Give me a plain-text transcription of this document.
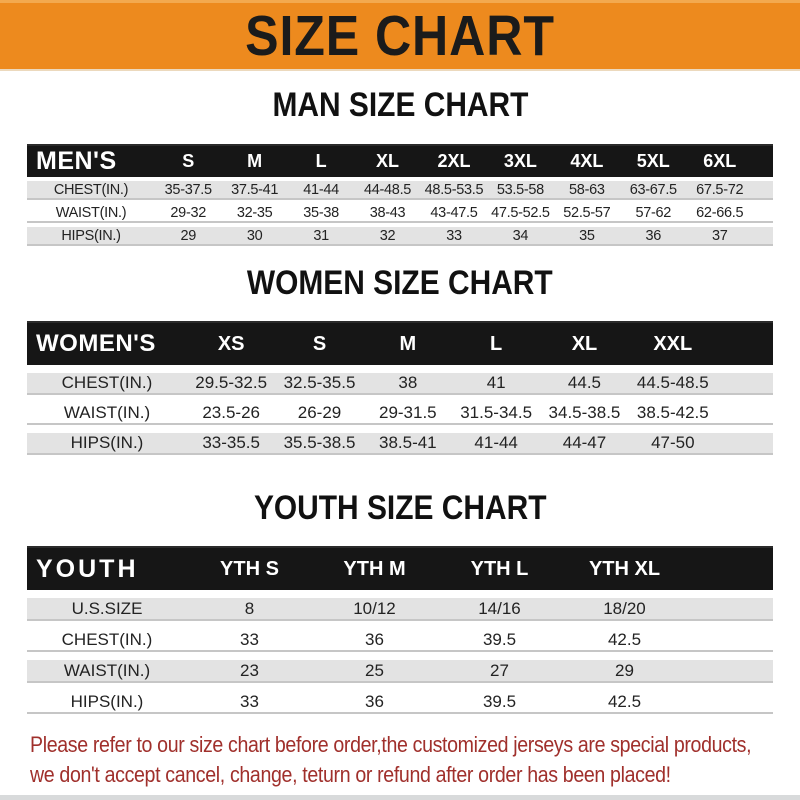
SIZE CHART
MAN SIZE CHART
MEN'S	S	M	L	XL	2XL	3XL	4XL	5XL	6XL
CHEST(IN.)	35-37.5	37.5-41	41-44	44-48.5 48.5-53.5 53.5-58	58-63	63-67.5	67.5-72
WAIST(IN.)	29-32	32-35	35-38	38-43	43-47.5 47.5-52.5 52.5-57	57-62	62-66.5
HIPS(IN.)	29	30	31	32	33	34	35	36	37
WOMEN SIZE CHART
WOMEN'S	XS	S	M	L	XL	XXL
CHEST(IN.)	29.5-32.5 32.5-35.5	38	41	44.5	44.5-48.5
WAIST(IN.)	23.5-26	26-29	29-31.5	31.5-34.5 34.5-38.5 38.5-42.5
HIPS(IN.)	33-35.5	35.5-38.5	38.5-41	41-44	44-47	47-50
YOUTH SIZE CHART
YOUTH	YTH S	YTH M	YTH L	YTH XL
U.S.SIZE	8	10/12	14/16	18/20
CHEST(IN.)	33	36	39.5	42.5
WAIST(IN.)	23	25	27	29
HIPS(IN.)	33	36	39.5	42.5
Please refer to our size chart before order,the customized jerseys are special products,
we don't accept cancel, change, teturn or refund after order has been placed!
